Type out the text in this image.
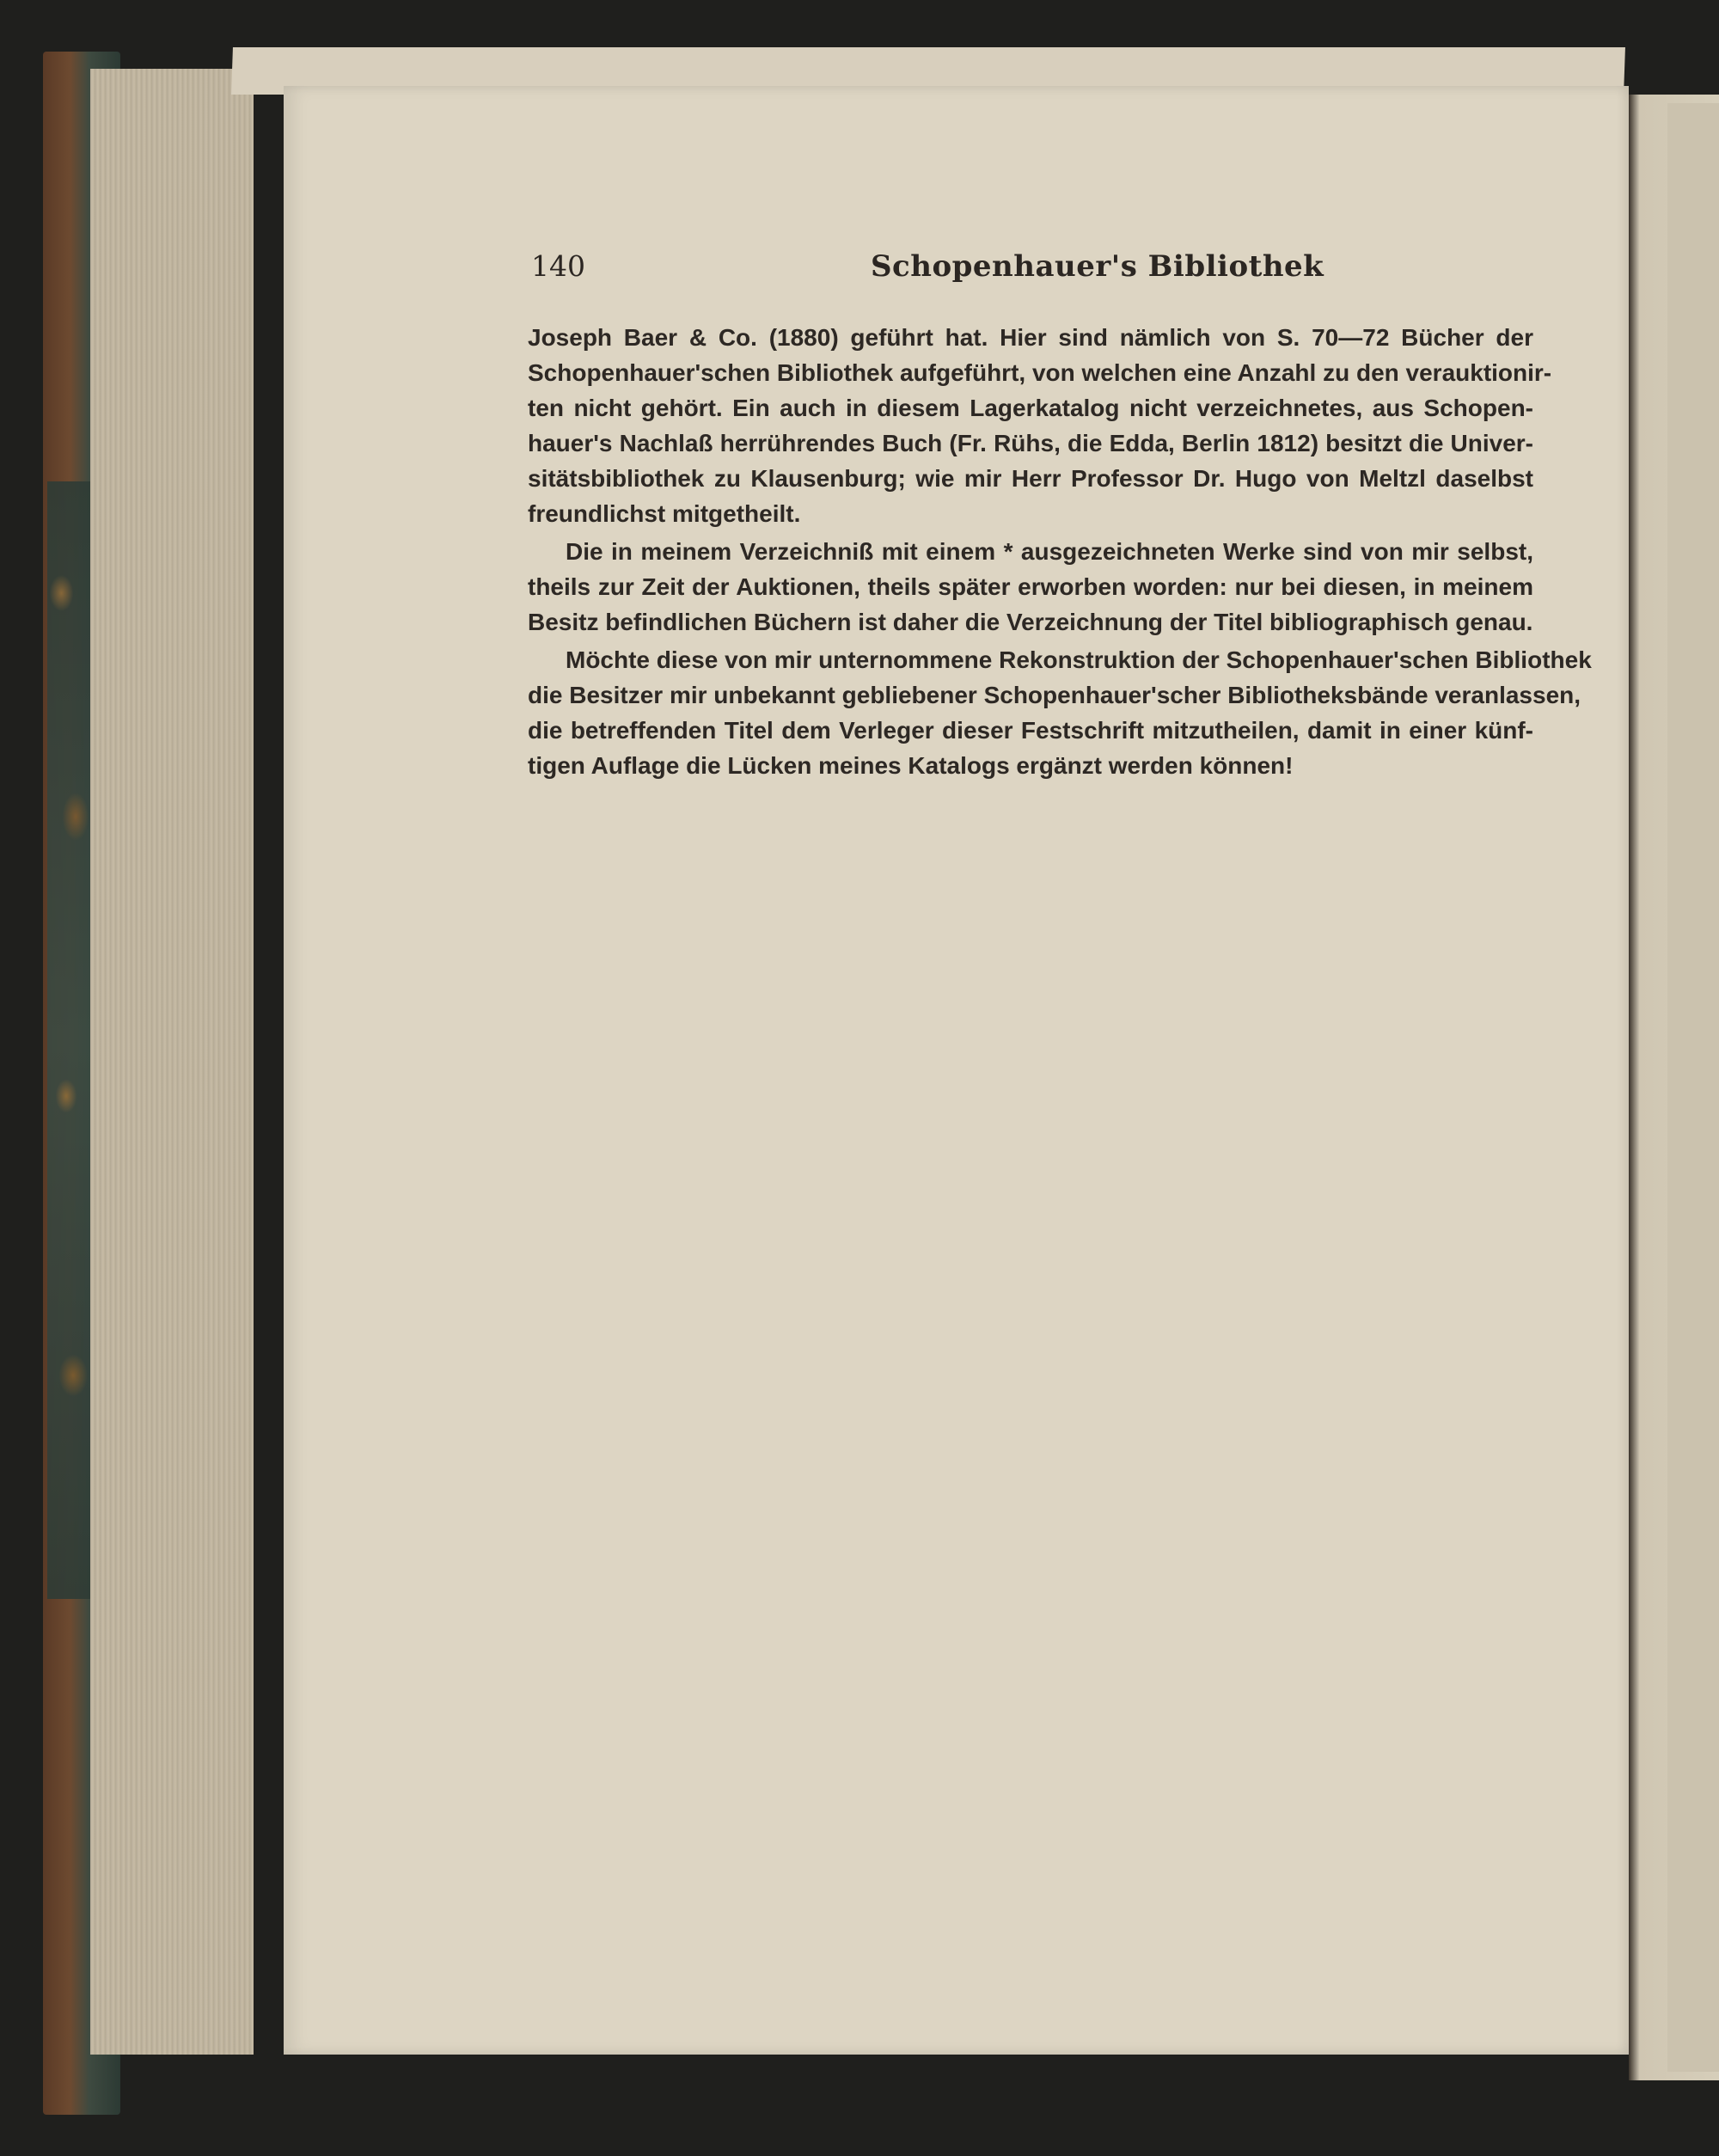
140	Schopenhauer's Bibliothek
Joseph Baer & Co. (1880) geführt hat. Hier sind nämlich von S. 70—72 Bücher der
Schopenhauer'schen Bibliothek aufgeführt, von welchen eine Anzahl zu den verauktionir-
ten nicht gehört. Ein auch in diesem Lagerkatalog nicht verzeichnetes, aus Schopen-
hauer's Nachlaß herrührendes Buch (Fr. Rühs, die Edda, Berlin 1812) besitzt die Univer-
sitätsbibliothek zu Klausenburg; wie mir Herr Professor Dr. Hugo von Meltzl daselbst
freundlichst mitgetheilt.
Die in meinem Verzeichniß mit einem * ausgezeichneten Werke sind von mir selbst,
theils zur Zeit der Auktionen, theils später erworben worden: nur bei diesen, in meinem
Besitz befindlichen Büchern ist daher die Verzeichnung der Titel bibliographisch genau.
Möchte diese von mir unternommene Rekonstruktion der Schopenhauer'schen Bibliothek
die Besitzer mir unbekannt gebliebener Schopenhauer'scher Bibliotheksbände veranlassen,
die betreffenden Titel dem Verleger dieser Festschrift mitzutheilen, damit in einer künf-
tigen Auflage die Lücken meines Katalogs ergänzt werden können!
